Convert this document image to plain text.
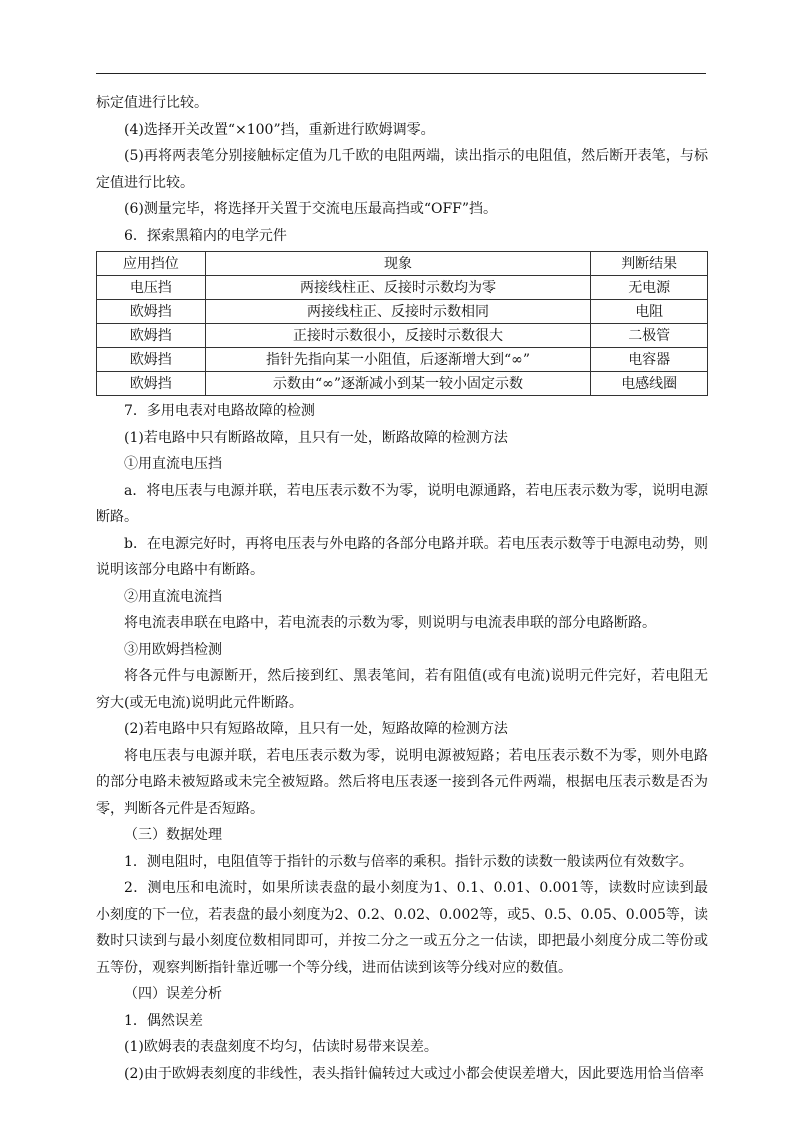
标定值进行比较。

(4)选择开关改置“×100”挡，重新进行欧姆调零。

(5)再将两表笔分别接触标定值为几千欧的电阻两端，读出指示的电阻值，然后断开表笔，与标定值进行比较。

(6)测量完毕，将选择开关置于交流电压最高挡或“OFF”挡。

6．探索黑箱内的电学元件

应用挡位	现象	判断结果
电压挡	两接线柱正、反接时示数均为零	无电源
欧姆挡	两接线柱正、反接时示数相同	电阻
欧姆挡	正接时示数很小，反接时示数很大	二极管
欧姆挡	指针先指向某一小阻值，后逐渐增大到“∞”	电容器
欧姆挡	示数由“∞”逐渐减小到某一较小固定示数	电感线圈

7．多用电表对电路故障的检测

(1)若电路中只有断路故障，且只有一处，断路故障的检测方法

①用直流电压挡

a．将电压表与电源并联，若电压表示数不为零，说明电源通路，若电压表示数为零，说明电源断路。

b．在电源完好时，再将电压表与外电路的各部分电路并联。若电压表示数等于电源电动势，则说明该部分电路中有断路。

②用直流电流挡

将电流表串联在电路中，若电流表的示数为零，则说明与电流表串联的部分电路断路。

③用欧姆挡检测

将各元件与电源断开，然后接到红、黑表笔间，若有阻值(或有电流)说明元件完好，若电阻无穷大(或无电流)说明此元件断路。

(2)若电路中只有短路故障，且只有一处，短路故障的检测方法

将电压表与电源并联，若电压表示数为零，说明电源被短路；若电压表示数不为零，则外电路的部分电路未被短路或未完全被短路。然后将电压表逐一接到各元件两端，根据电压表示数是否为零，判断各元件是否短路。

（三）数据处理

1．测电阻时，电阻值等于指针的示数与倍率的乘积。指针示数的读数一般读两位有效数字。

2．测电压和电流时，如果所读表盘的最小刻度为1、0.1、0.01、0.001等，读数时应读到最小刻度的下一位，若表盘的最小刻度为2、0.2、0.02、0.002等，或5、0.5、0.05、0.005等，读数时只读到与最小刻度位数相同即可，并按二分之一或五分之一估读，即把最小刻度分成二等份或五等份，观察判断指针靠近哪一个等分线，进而估读到该等分线对应的数值。

（四）误差分析

1．偶然误差

(1)欧姆表的表盘刻度不均匀，估读时易带来误差。

(2)由于欧姆表刻度的非线性，表头指针偏转过大或过小都会使误差增大，因此要选用恰当倍率
